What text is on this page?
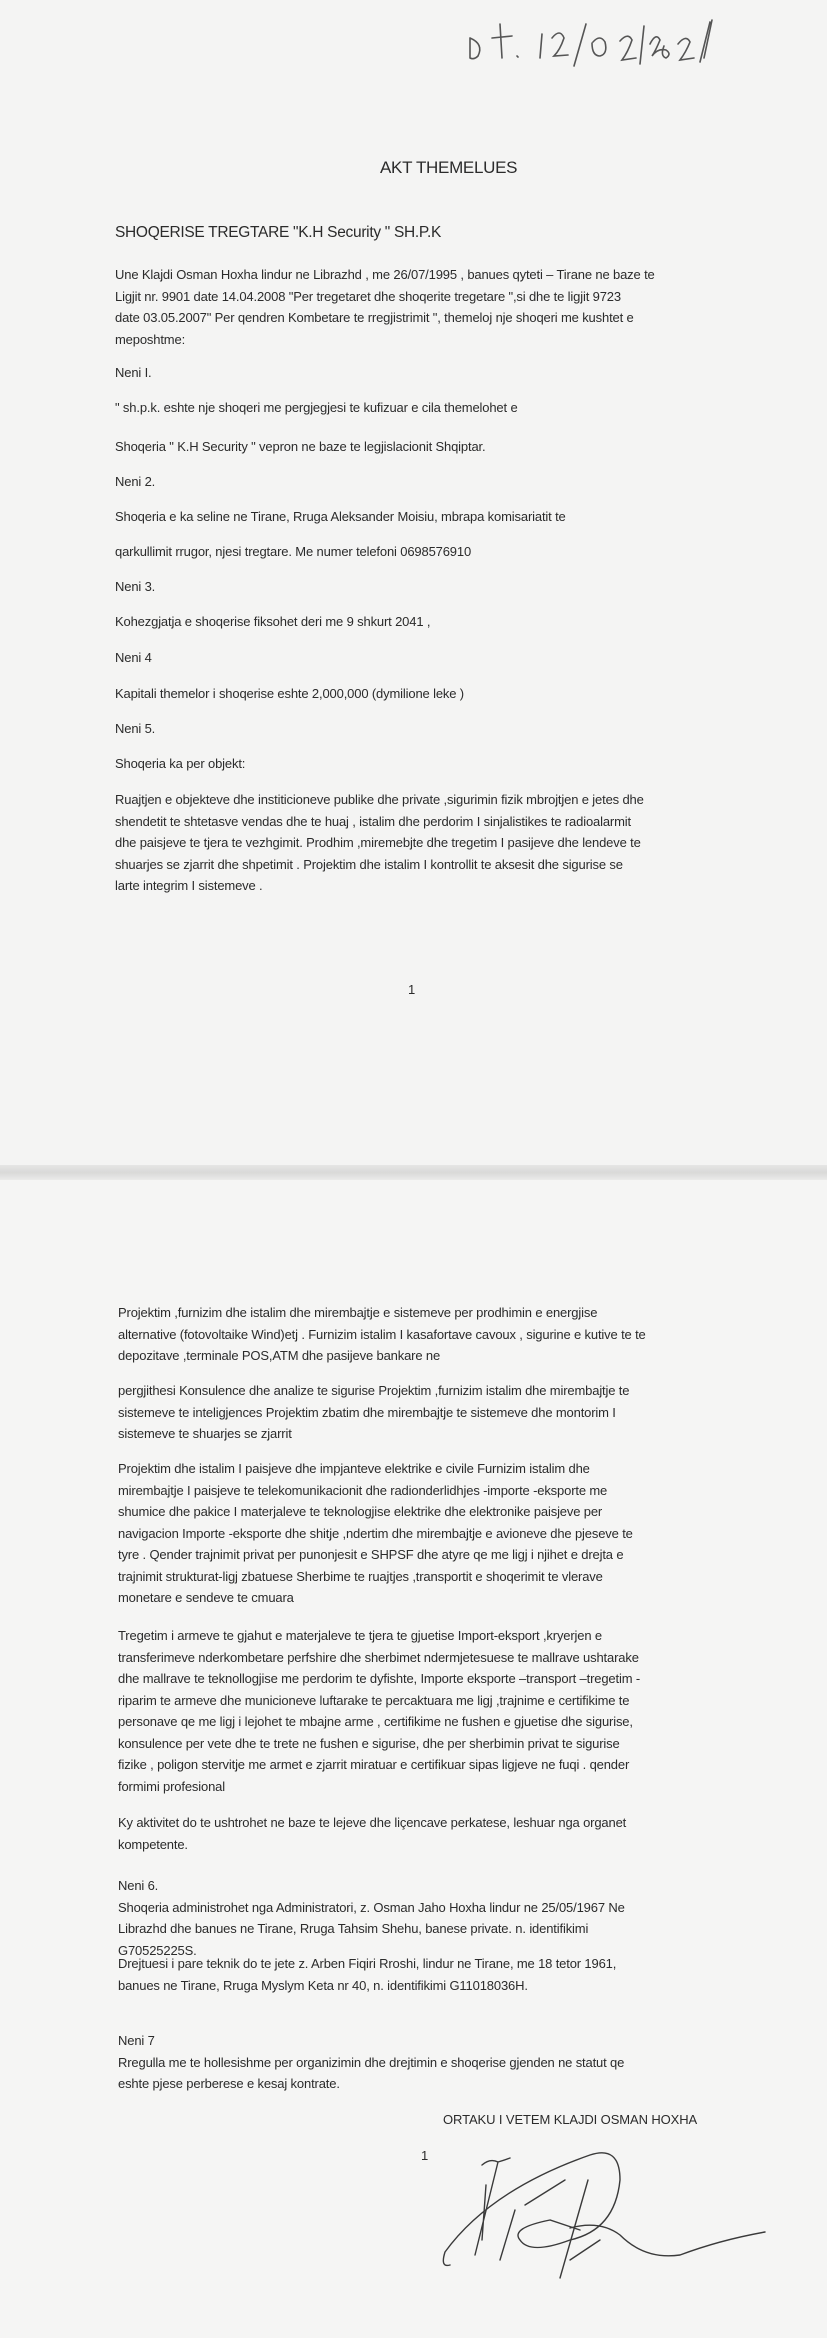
AKT THEMELUES
SHOQERISE TREGTARE "K.H Security " SH.P.K
Une Klajdi Osman Hoxha lindur ne Librazhd , me 26/07/1995 , banues qyteti – Tirane ne baze te
Ligjit nr. 9901 date 14.04.2008 "Per tregetaret dhe shoqerite tregetare ",si dhe te ligjit 9723
date 03.05.2007" Per qendren Kombetare te rregjistrimit ", themeloj nje shoqeri me kushtet e
meposhtme:
Neni I.
" sh.p.k. eshte nje shoqeri me pergjegjesi te kufizuar e cila themelohet e
Shoqeria " K.H Security " vepron ne baze te legjislacionit Shqiptar.
Neni 2.
Shoqeria e ka seline ne Tirane, Rruga Aleksander Moisiu, mbrapa komisariatit te
qarkullimit rrugor, njesi tregtare. Me numer telefoni 0698576910
Neni 3.
Kohezgjatja e shoqerise fiksohet deri me 9 shkurt 2041 ,
Neni 4
Kapitali themelor i shoqerise eshte 2,000,000 (dymilione leke )
Neni 5.
Shoqeria ka per objekt:
Ruajtjen e objekteve dhe institicioneve publike dhe private ,sigurimin fizik mbrojtjen e jetes dhe
shendetit te shtetasve vendas dhe te huaj , istalim dhe perdorim I sinjalistikes te radioalarmit
dhe paisjeve te tjera te vezhgimit. Prodhim ,miremebjte dhe tregetim I pasijeve dhe lendeve te
shuarjes se zjarrit dhe shpetimit . Projektim dhe istalim I kontrollit te aksesit dhe sigurise se
larte integrim I sistemeve .
1
Projektim ,furnizim dhe istalim dhe mirembajtje e sistemeve per prodhimin e energjise
alternative (fotovoltaike Wind)etj . Furnizim istalim I kasafortave cavoux , sigurine e kutive te te
depozitave ,terminale POS,ATM dhe pasijeve bankare ne
pergjithesi Konsulence dhe analize te sigurise Projektim ,furnizim istalim dhe mirembajtje te
sistemeve te inteligjences Projektim zbatim dhe mirembajtje te sistemeve dhe montorim I
sistemeve te shuarjes se zjarrit
Projektim dhe istalim I paisjeve dhe impjanteve elektrike e civile Furnizim istalim dhe
mirembajtje I paisjeve te telekomunikacionit dhe radionderlidhjes -importe -eksporte me
shumice dhe pakice I materjaleve te teknologjise elektrike dhe elektronike paisjeve per
navigacion Importe -eksporte dhe shitje ,ndertim dhe mirembajtje e avioneve dhe pjeseve te
tyre . Qender trajnimit privat per punonjesit e SHPSF dhe atyre qe me ligj i njihet e drejta e
trajnimit strukturat-ligj zbatuese Sherbime te ruajtjes ,transportit e shoqerimit te vlerave
monetare e sendeve te cmuara
Tregetim i armeve te gjahut e materjaleve te tjera te gjuetise Import-eksport ,kryerjen e
transferimeve nderkombetare perfshire dhe sherbimet ndermjetesuese te mallrave ushtarake
dhe mallrave te teknollogjise me perdorim te dyfishte, Importe eksporte –transport –tregetim -
riparim te armeve dhe municioneve luftarake te percaktuara me ligj ,trajnime e certifikime te
personave qe me ligj i lejohet te mbajne arme , certifikime ne fushen e gjuetise dhe sigurise,
konsulence per vete dhe te trete ne fushen e sigurise, dhe per sherbimin privat te sigurise
fizike , poligon stervitje me armet e zjarrit miratuar e certifikuar sipas ligjeve ne fuqi . qender
formimi profesional
Ky aktivitet do te ushtrohet ne baze te lejeve dhe liçencave perkatese, leshuar nga organet
kompetente.
Neni 6.
Shoqeria administrohet nga Administratori, z. Osman Jaho Hoxha lindur ne 25/05/1967 Ne
Librazhd dhe banues ne Tirane, Rruga Tahsim Shehu, banese private. n. identifikimi
G70525225S.
Drejtuesi i pare teknik do te jete z. Arben Fiqiri Rroshi, lindur ne Tirane, me 18 tetor 1961,
banues ne Tirane, Rruga Myslym Keta nr 40, n. identifikimi G11018036H.
Neni 7
Rregulla me te hollesishme per organizimin dhe drejtimin e shoqerise gjenden ne statut qe
eshte pjese perberese e kesaj kontrate.
ORTAKU I VETEM KLAJDI OSMAN HOXHA
1
